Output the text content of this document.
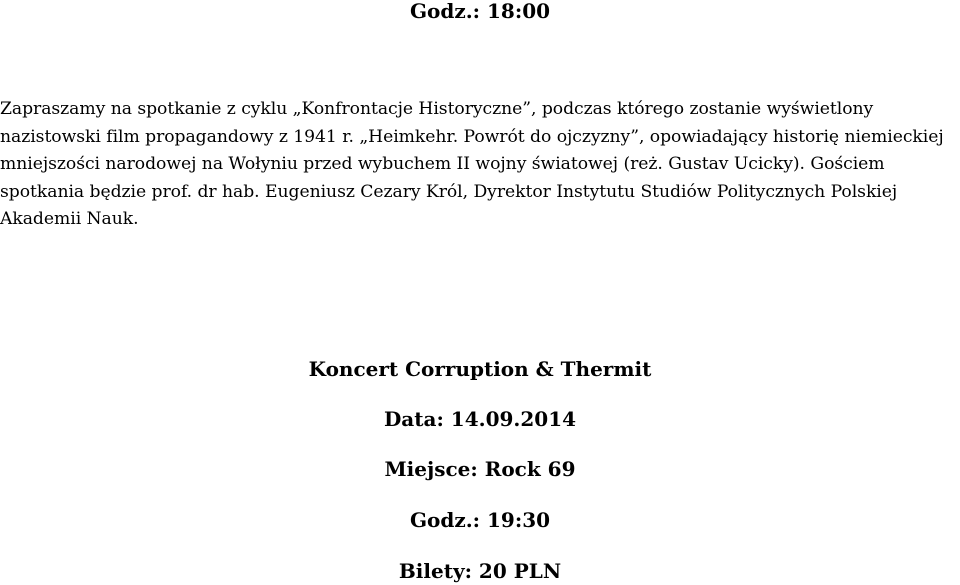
Godz.: 18:00

Zapraszamy na spotkanie z cyklu „Konfrontacje Historyczne”, podczas którego zostanie wyświetlony nazistowski film propagandowy z 1941 r. „Heimkehr. Powrót do ojczyzny”, opowiadający historię niemieckiej mniejszości narodowej na Wołyniu przed wybuchem II wojny światowej (reż. Gustav Ucicky). Gościem spotkania będzie prof. dr hab. Eugeniusz Cezary Król, Dyrektor Instytutu Studiów Politycznych Polskiej Akademii Nauk.

Koncert Corruption & Thermit

Data: 14.09.2014

Miejsce: Rock 69

Godz.: 19:30

Bilety: 20 PLN
